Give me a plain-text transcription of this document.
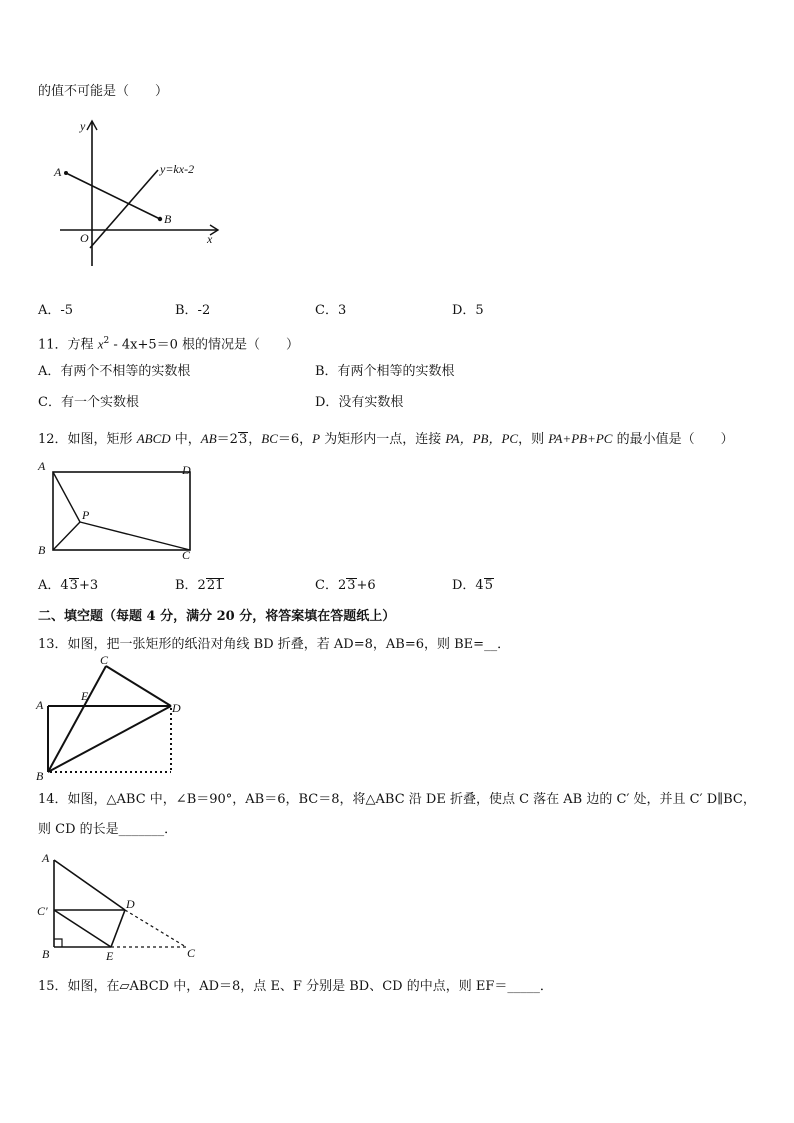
的值不可能是（　　）
y
x
O
A
B
y=kx-2
A．-5	B．-2	C．3	D．5
11．方程 $x^2 - 4x+5=0$ 根的情况是（　　）
A．有两个不相等的实数根	B．有两个相等的实数根
C．有一个实数根	D．没有实数根
12．如图，矩形 ABCD 中，AB＝23，BC＝6，P 为矩形内一点，连接 PA，PB，PC，则 PA+PB+PC 的最小值是（　　）
A	D
P
B	C
A．43+3	B．221	C．23+6	D．45
二、填空题（每题 4 分，满分 20 分，将答案填在答题纸上）
13．如图，把一张矩形的纸沿对角线 BD 折叠，若 AD=8，AB=6，则 BE=__．
C
E
A	D
B
14．如图，△ABC 中，∠B＝90°，AB＝6，BC＝8，将△ABC 沿 DE 折叠，使点 C 落在 AB 边的 C′ 处，并且 C′ D∥BC，
则 CD 的长是_______．
A
C′	D
B	E	C
15．如图，在▱ABCD 中，AD＝8，点 E、F 分别是 BD、CD 的中点，则 EF＝_____．
